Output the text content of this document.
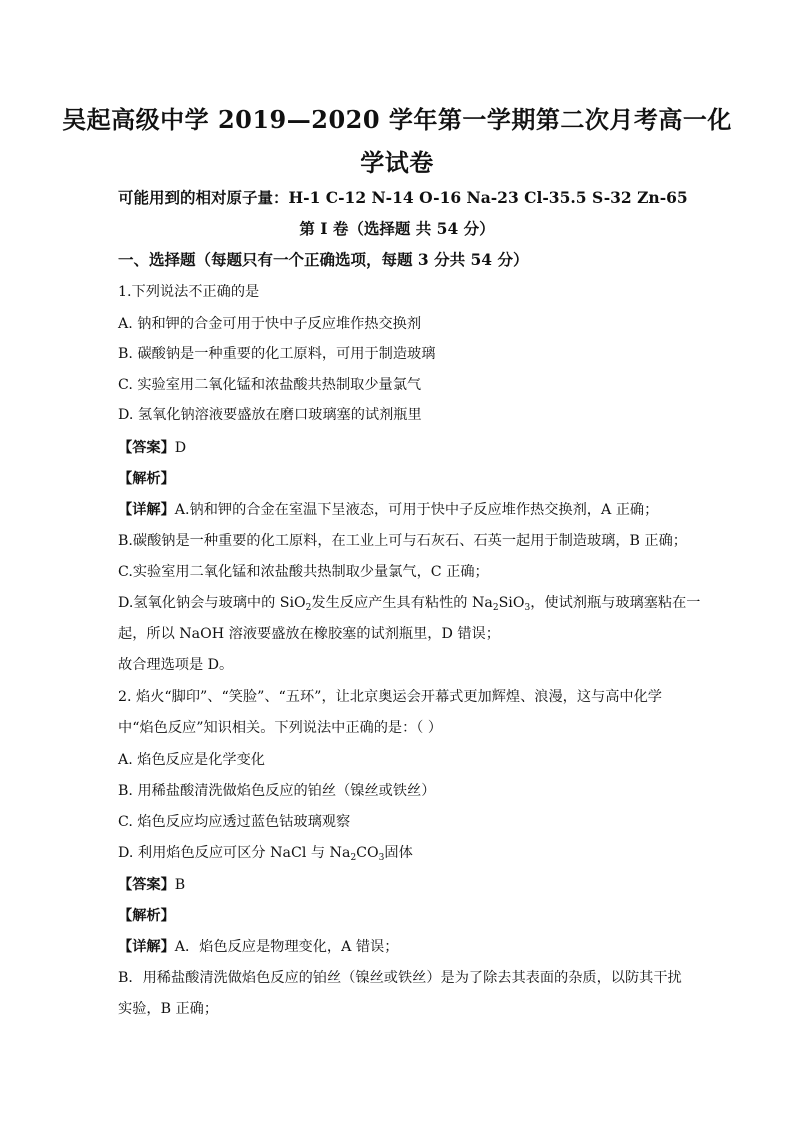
吴起高级中学 2019—2020 学年第一学期第二次月考高一化
学试卷
可能用到的相对原子量：H-1 C-12 N-14 O-16 Na-23 Cl-35.5 S-32 Zn-65
第 I 卷（选择题 共 54 分）
一、选择题（每题只有一个正确选项，每题 3 分共 54 分）
1.下列说法不正确的是
A. 钠和钾的合金可用于快中子反应堆作热交换剂
B. 碳酸钠是一种重要的化工原料，可用于制造玻璃
C. 实验室用二氧化锰和浓盐酸共热制取少量氯气
D. 氢氧化钠溶液要盛放在磨口玻璃塞的试剂瓶里
【答案】D
【解析】
【详解】A.钠和钾的合金在室温下呈液态，可用于快中子反应堆作热交换剂，A 正确；
B.碳酸钠是一种重要的化工原料，在工业上可与石灰石、石英一起用于制造玻璃，B 正确；
C.实验室用二氧化锰和浓盐酸共热制取少量氯气，C 正确；
D.氢氧化钠会与玻璃中的 SiO$_2$发生反应产生具有粘性的 $Na_2SiO_3$，使试剂瓶与玻璃塞粘在一
起，所以 NaOH 溶液要盛放在橡胶塞的试剂瓶里，D 错误；
故合理选项是 D。
2. 焰火“脚印”、“笑脸”、“五环”，让北京奥运会开幕式更加辉煌、浪漫，这与高中化学
中“焰色反应”知识相关。下列说法中正确的是：（ ）
A. 焰色反应是化学变化
B. 用稀盐酸清洗做焰色反应的铂丝（镍丝或铁丝）
C. 焰色反应均应透过蓝色钴玻璃观察
D. 利用焰色反应可区分 NaCl 与 $Na_2CO_3$固体
【答案】B
【解析】
【详解】A．焰色反应是物理变化，A 错误；
B．用稀盐酸清洗做焰色反应的铂丝（镍丝或铁丝）是为了除去其表面的杂质，以防其干扰
实验，B 正确；
